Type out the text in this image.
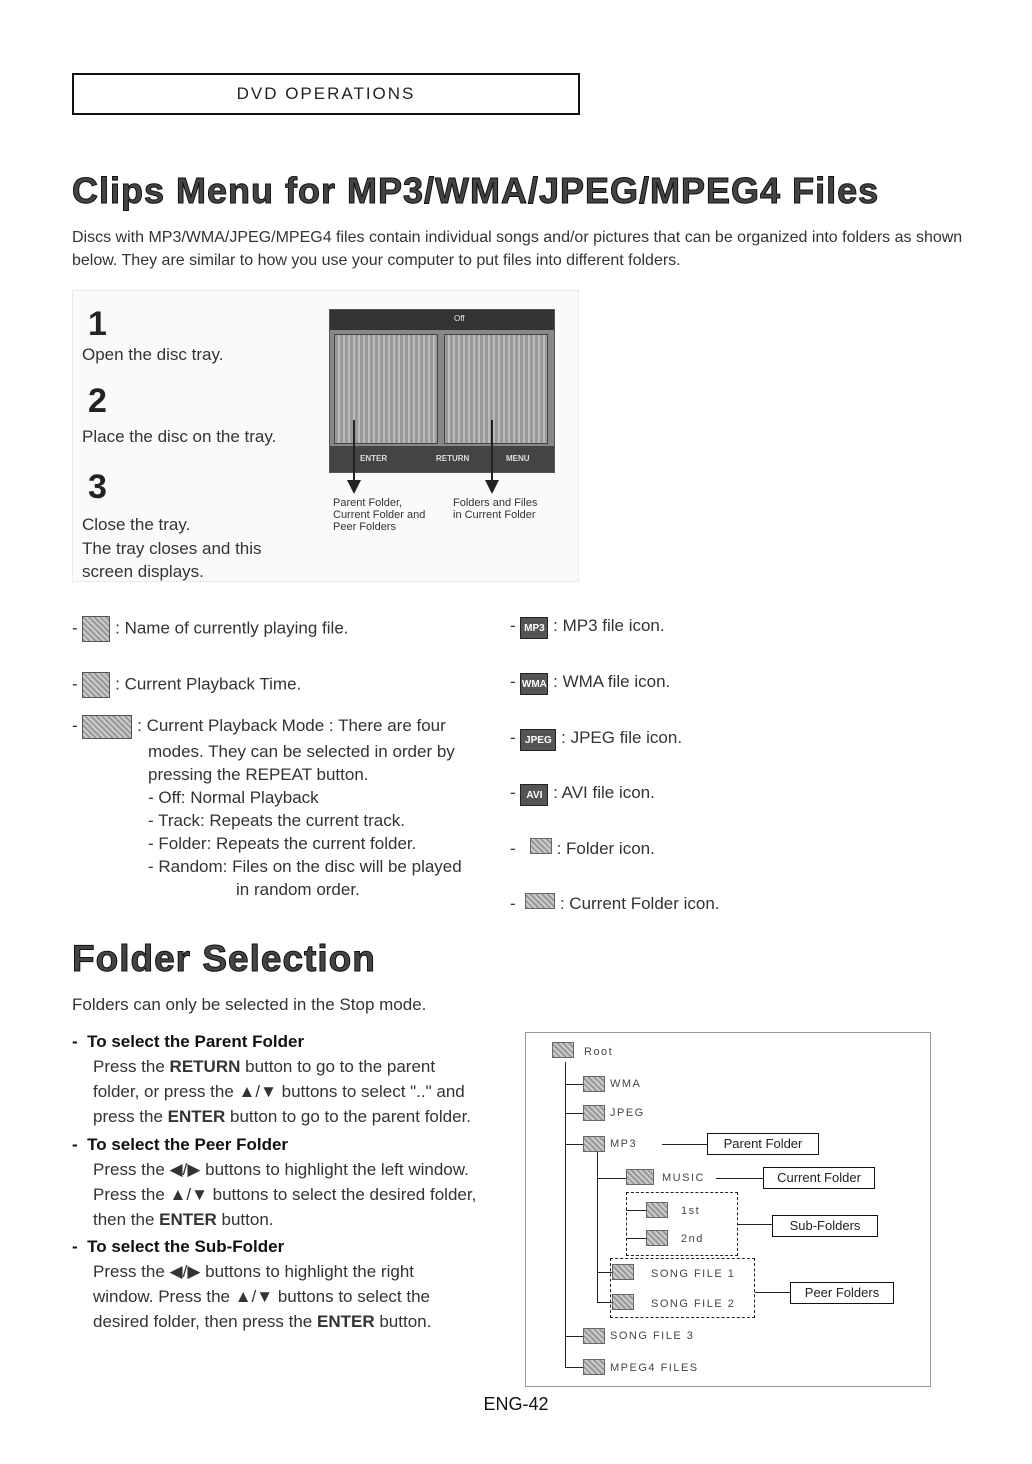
DVD OPERATIONS
Clips Menu for MP3/WMA/JPEG/MPEG4 Files
Discs with MP3/WMA/JPEG/MPEG4 files contain individual songs and/or pictures that can be organized into folders as shown below. They are similar to how you use your computer to put files into different folders.
1
Open the disc tray.
2
Place the disc on the tray.
3
Close the tray.
The tray closes and this
screen displays.
Off
ENTER	RETURN	MENU
Parent Folder,
Current Folder and
Peer Folders
Folders and Files
in Current Folder
-  : Name of currently playing file.
-  : Current Playback Time.
-	: Current Playback Mode : There are four
modes. They can be selected in order by
pressing the REPEAT button.
- Off: Normal Playback
- Track: Repeats the current track.
- Folder: Repeats the current folder.
- Random: Files on the disc will be played
in random order.
- MP3 : MP3 file icon.
- WMA : WMA file icon.
- JPEG : JPEG file icon.
- AVI : AVI file icon.
-    : Folder icon.
-   : Current Folder icon.
Folder Selection
Folders can only be selected in the Stop mode.
-  To select the Parent Folder
Press the RETURN button to go to the parent
folder, or press the ▲/▼ buttons to select ".." and
press the ENTER button to go to the parent folder.
-  To select the Peer Folder
Press the ◀/▶ buttons to highlight the left window.
Press the ▲/▼ buttons to select the desired folder,
then the ENTER button.
-  To select the Sub-Folder
Press the ◀/▶ buttons to highlight the right
window. Press the ▲/▼ buttons to select the
desired folder, then press the ENTER button.
Root
WMA
JPEG
MP3	Parent Folder
MUSIC	Current Folder
1st
2nd
Sub-Folders
SONG FILE 1
SONG FILE 2
Peer Folders
SONG FILE 3
MPEG4 FILES
ENG-42
